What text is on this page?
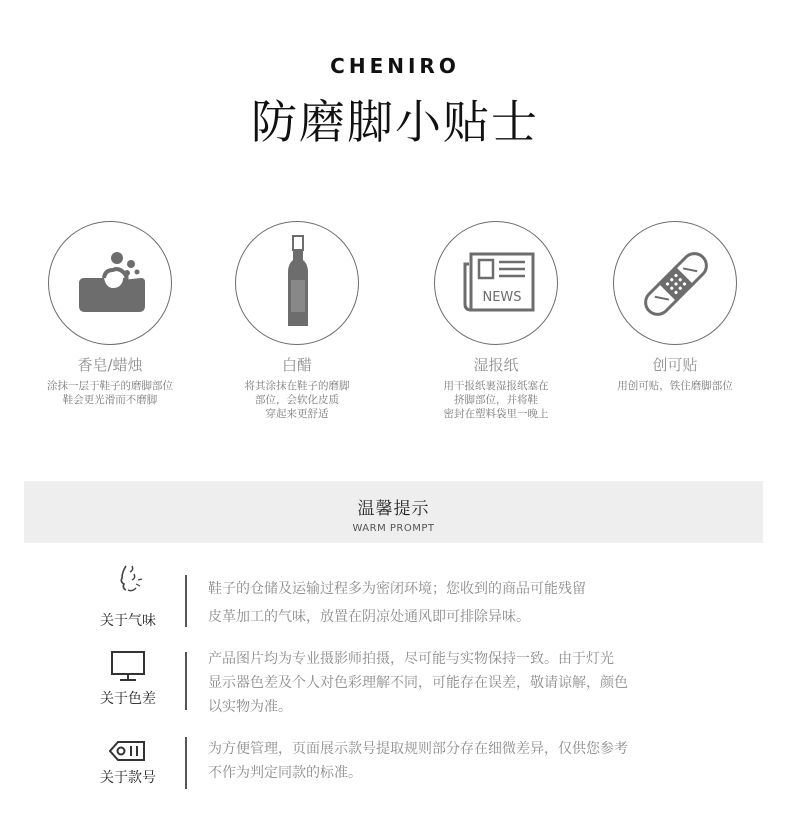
CHENIRO
防磨脚小贴士
香皂/蜡烛
涂抹一层于鞋子的磨脚部位
鞋会更光滑而不磨脚
白醋
将其涂抹在鞋子的磨脚
部位，会软化皮质
穿起来更舒适
NEWS
湿报纸
用干报纸裹湿报纸塞在
挤脚部位，并将鞋
密封在塑料袋里一晚上
创可贴
用创可贴，铁住磨脚部位
温馨提示
WARM PROMPT
关于气味
鞋子的仓储及运输过程多为密闭环境；您收到的商品可能残留
皮革加工的气味，放置在阴凉处通风即可排除异味。
关于色差
产品图片均为专业摄影师拍摄，尽可能与实物保持一致。由于灯光
显示器色差及个人对色彩理解不同，可能存在误差，敬请谅解，颜色
以实物为准。
关于款号
为方便管理，页面展示款号提取规则部分存在细微差异，仅供您参考
不作为判定同款的标准。
